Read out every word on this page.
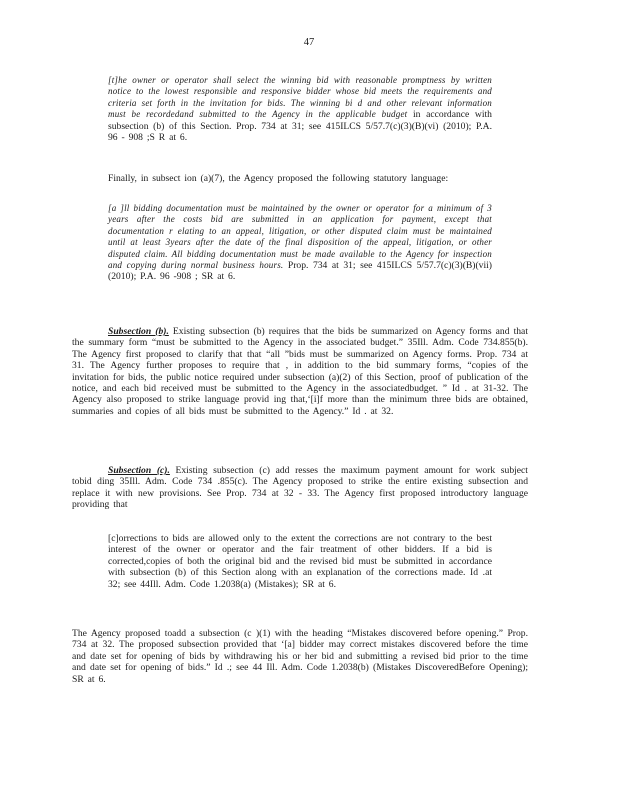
47

[t]he owner or operator shall select the winning bid with reasonable promptness by written notice to the lowest responsible and responsive bidder whose bid meets the requirements and criteria set forth in the invitation for bids. The winning bi d and other relevant information must be recordedand submitted to the Agency in the applicable budget in accordance with subsection (b) of this Section. Prop. 734 at 31; see 415ILCS 5/57.7(c)(3)(B)(vi) (2010); P.A. 96 - 908 ;S R at 6.

Finally, in subsect ion (a)(7), the Agency proposed the following statutory language:

[a ]ll bidding documentation must be maintained by the owner or operator for a minimum of 3 years after the costs bid are submitted in an application for payment, except that documentation r elating to an appeal, litigation, or other disputed claim must be maintained until at least 3years after the date of the final disposition of the appeal, litigation, or other disputed claim. All bidding documentation must be made available to the Agency for inspection and copying during normal business hours. Prop. 734 at 31; see 415ILCS 5/57.7(c)(3)(B)(vii) (2010); P.A. 96 -908 ; SR at 6.

Subsection (b). Existing subsection (b) requires that the bids be summarized on Agency forms and that the summary form “must be submitted to the Agency in the associated budget.” 35Ill. Adm. Code 734.855(b). The Agency first proposed to clarify that that “all ”bids must be summarized on Agency forms. Prop. 734 at 31. The Agency further proposes to require that , in addition to the bid summary forms, “copies of the invitation for bids, the public notice required under subsection (a)(2) of this Section, proof of publication of the notice, and each bid received must be submitted to the Agency in the associatedbudget. ” Id . at 31-32. The Agency also proposed to strike language provid ing that,‘[i]f more than the minimum three bids are obtained, summaries and copies of all bids must be submitted to the Agency.” Id . at 32.

Subsection (c). Existing subsection (c) add resses the maximum payment amount for work subject tobid ding 35Ill. Adm. Code 734 .855(c). The Agency proposed to strike the entire existing subsection and replace it with new provisions. See Prop. 734 at 32 - 33. The Agency first proposed introductory language providing that

[c]orrections to bids are allowed only to the extent the corrections are not contrary to the best interest of the owner or operator and the fair treatment of other bidders. If a bid is corrected,copies of both the original bid and the revised bid must be submitted in accordance with subsection (b) of this Section along with an explanation of the corrections made. Id .at 32; see 44Ill. Adm. Code 1.2038(a) (Mistakes); SR at 6.

The Agency proposed toadd a subsection (c )(1) with the heading “Mistakes discovered before opening.” Prop. 734 at 32. The proposed subsection provided that ‘[a] bidder may correct mistakes discovered before the time and date set for opening of bids by withdrawing his or her bid and submitting a revised bid prior to the time and date set for opening of bids.” Id .; see 44 Ill. Adm. Code 1.2038(b) (Mistakes DiscoveredBefore Opening); SR at 6.
